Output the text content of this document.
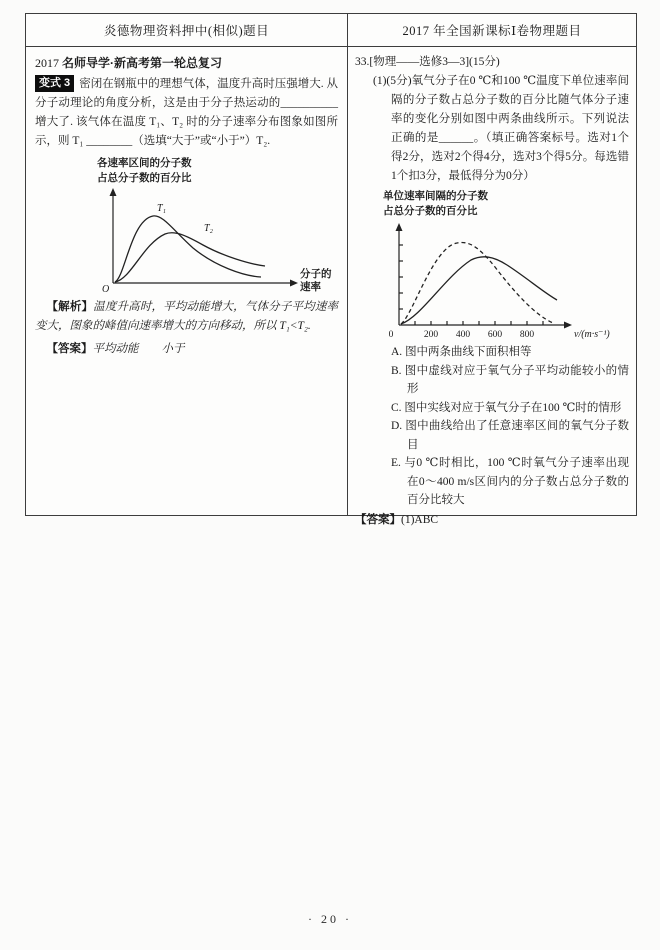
炎德物理资料押中(相似)题目	2017 年全国新课标Ⅰ卷物理题目
2017 名师导学·新高考第一轮总复习
变式 3 密闭在钢瓶中的理想气体，温度升高时压强增大. 从分子动理论的角度分析，这是由于分子热运动的__________增大了. 该气体在温度 T₁、T₂ 时的分子速率分布图象如图所示，则 T₁ ________（选填“大于”或“小于”）T₂.
各速率区间的分子数
占总分子数的百分比
T₁
T₂
O
分子的
速率
【解析】温度升高时，平均动能增大，气体分子平均速率变大，图象的峰值向速率增大的方向移动，所以 T₁<T₂.
【答案】平均动能　　小于
33.[物理——选修3—3](15分)
(1)(5分)氧气分子在0 ℃和100 ℃温度下单位速率间隔的分子数占总分子数的百分比随气体分子速率的变化分别如图中两条曲线所示。下列说法正确的是______。（填正确答案标号。选对1个得2分，选对2个得4分，选对3个得5分。每选错1个扣3分，最低得分为0分）
单位速率间隔的分子数
占总分子数的百分比
0	200 400 600 800	v/(m·s⁻¹)
A. 图中两条曲线下面积相等
B. 图中虚线对应于氧气分子平均动能较小的情形
C. 图中实线对应于氧气分子在100 ℃时的情形
D. 图中曲线给出了任意速率区间的氧气分子数目
E. 与0 ℃时相比，100 ℃时氧气分子速率出现在0～400 m/s区间内的分子数占总分子数的百分比较大
【答案】(1)ABC
· 20 ·
